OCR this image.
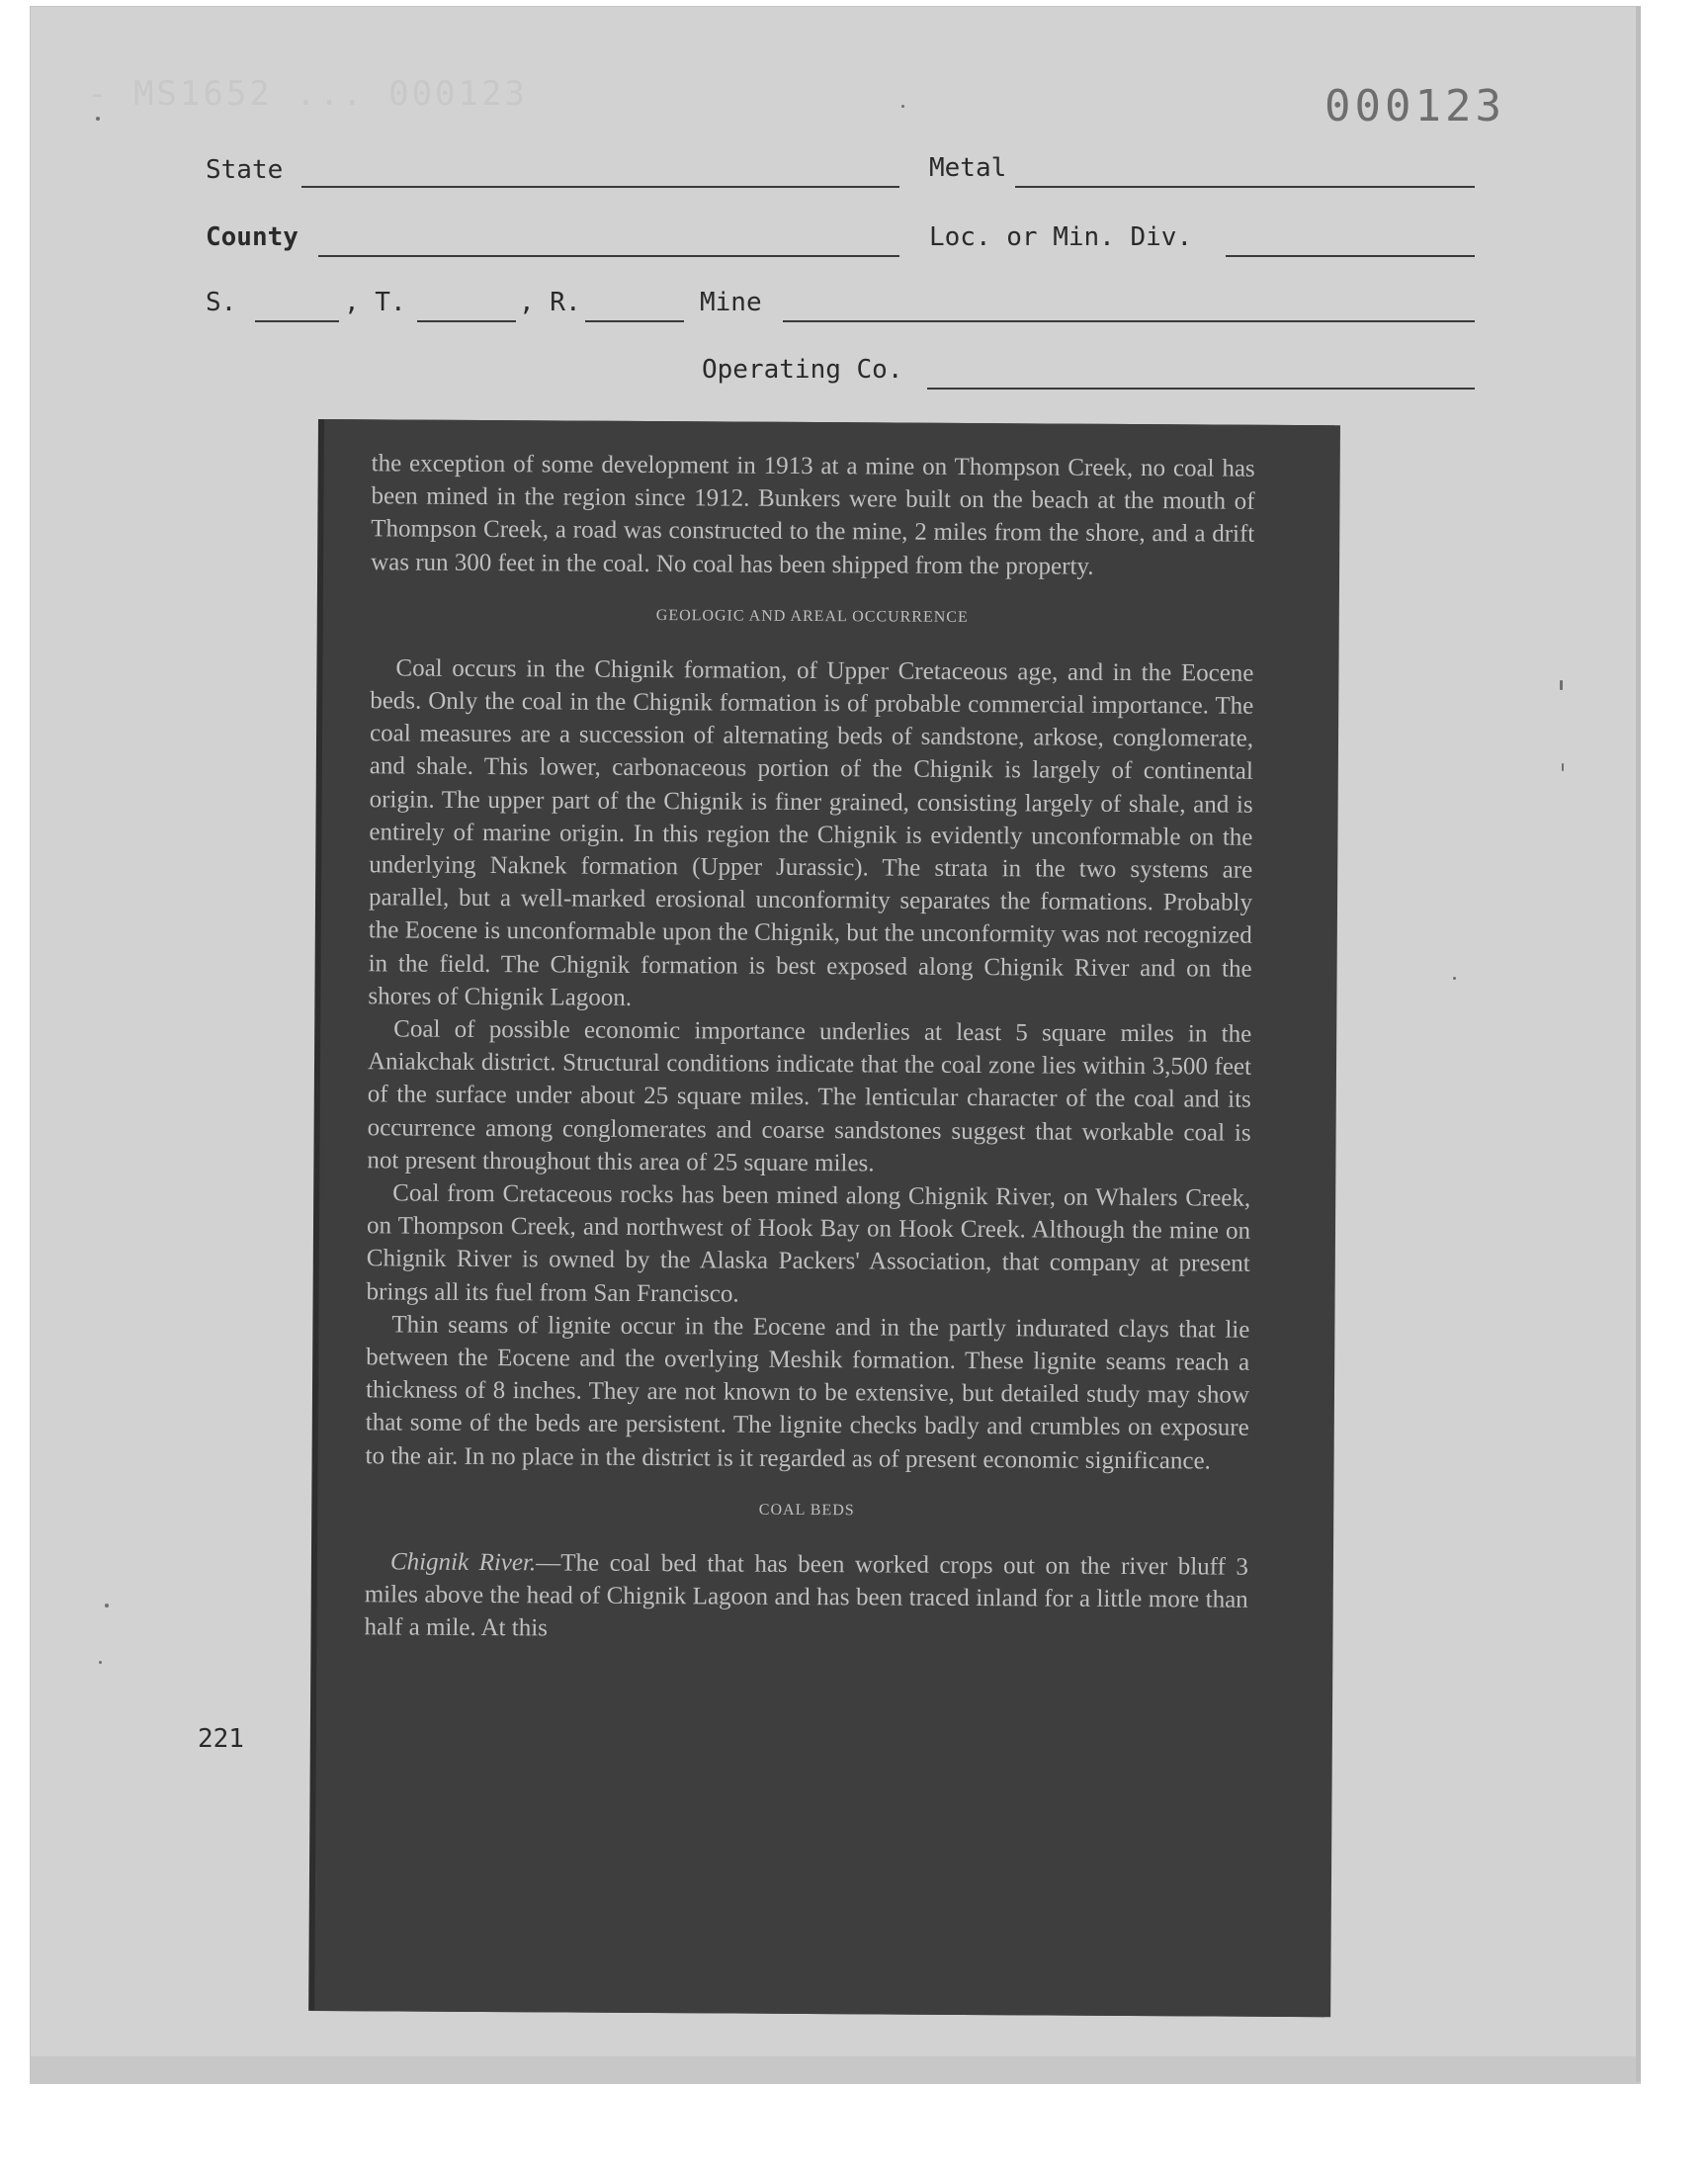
- MS1652 ... 000123	000123
State	Metal
County	Loc. or Min. Div.
S.	, T.	, R.	Mine
Operating Co.
221

the exception of some development in 1913 at a mine on Thompson Creek, no coal has been mined in the region since 1912. Bunkers were built on the beach at the mouth of Thompson Creek, a road was constructed to the mine, 2 miles from the shore, and a drift was run 300 feet in the coal. No coal has been shipped from the property.

GEOLOGIC AND AREAL OCCURRENCE

Coal occurs in the Chignik formation, of Upper Cretaceous age, and in the Eocene beds. Only the coal in the Chignik formation is of probable commercial importance. The coal measures are a succession of alternating beds of sandstone, arkose, conglomerate, and shale. This lower, carbonaceous portion of the Chignik is largely of continental origin. The upper part of the Chignik is finer grained, consisting largely of shale, and is entirely of marine origin. In this region the Chignik is evidently unconformable on the underlying Naknek formation (Upper Jurassic). The strata in the two systems are parallel, but a well-marked erosional unconformity separates the formations. Probably the Eocene is unconformable upon the Chignik, but the unconformity was not recognized in the field. The Chignik formation is best exposed along Chignik River and on the shores of Chignik Lagoon.

Coal of possible economic importance underlies at least 5 square miles in the Aniakchak district. Structural conditions indicate that the coal zone lies within 3,500 feet of the surface under about 25 square miles. The lenticular character of the coal and its occurrence among conglomerates and coarse sandstones suggest that workable coal is not present throughout this area of 25 square miles.

Coal from Cretaceous rocks has been mined along Chignik River, on Whalers Creek, on Thompson Creek, and northwest of Hook Bay on Hook Creek. Although the mine on Chignik River is owned by the Alaska Packers' Association, that company at present brings all its fuel from San Francisco.

Thin seams of lignite occur in the Eocene and in the partly indurated clays that lie between the Eocene and the overlying Meshik formation. These lignite seams reach a thickness of 8 inches. They are not known to be extensive, but detailed study may show that some of the beds are persistent. The lignite checks badly and crumbles on exposure to the air. In no place in the district is it regarded as of present economic significance.

COAL BEDS

Chignik River.—The coal bed that has been worked crops out on the river bluff 3 miles above the head of Chignik Lagoon and has been traced inland for a little more than half a mile. At this
